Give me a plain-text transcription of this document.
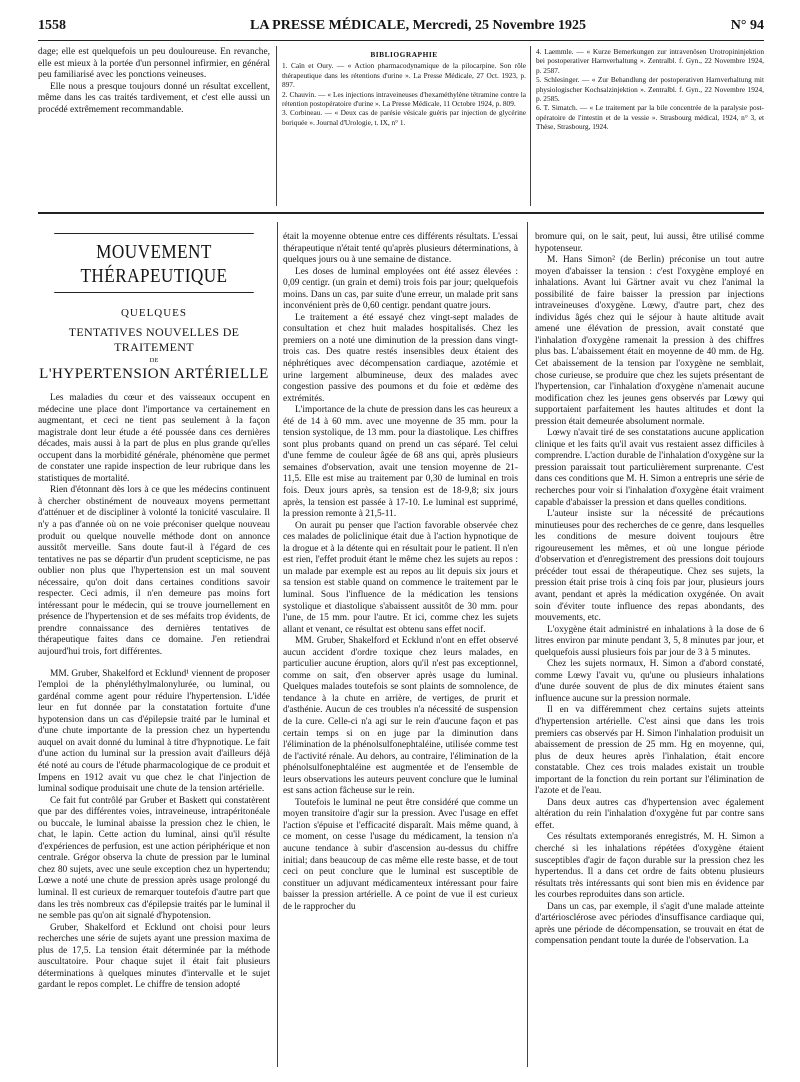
1558	LA PRESSE MÉDICALE, Mercredi, 25 Novembre 1925	N° 94

dage; elle est quelquefois un peu douloureuse. En revanche, elle est mieux à la portée d'un personnel infirmier, en général peu familiarisé avec les ponctions veineuses.

Elle nous a presque toujours donné un résultat excellent, même dans les cas traités tardivement, et c'est elle aussi un procédé extrêmement recommandable.

BIBLIOGRAPHIE

1. Caïn et Oury. — « Action pharmacodynamique de la pilocarpine. Son rôle thérapeutique dans les rétentions d'urine ». La Presse Médicale, 27 Oct. 1923, p. 897.

2. Chauvin. — « Les injections intraveineuses d'hexaméthylène tétramine contre la rétention postopératoire d'urine ». La Presse Médicale, 11 Octobre 1924, p. 809.

3. Corbineau. — « Deux cas de parésie vésicale guéris par injection de glycérine boriquée ». Journal d'Urologie, t. IX, n° 1.

4. Laemmle. — « Kurze Bemerkungen zur intravenösen Urotropininjektion bei postoperativer Harnverhaltung ». Zentralbl. f. Gyn., 22 Novembre 1924, p. 2587.

5. Schlesinger. — « Zur Behandlung der postoperativen Harnverhaltung mit physiologischer Kochsalzinjektion ». Zentralbl. f. Gyn., 22 Novembre 1924, p. 2585.

6. T. Simatch. — « Le traitement par la bile concentrée de la paralysie post-opératoire de l'intestin et de la vessie ». Strasbourg médical, 1924, n° 3, et Thèse, Strasbourg, 1924.

MOUVEMENT THÉRAPEUTIQUE
QUELQUES
TENTATIVES NOUVELLES DE TRAITEMENT
DE
L'HYPERTENSION ARTÉRIELLE

Les maladies du cœur et des vaisseaux occupent en médecine une place dont l'importance va certainement en augmentant, et ceci ne tient pas seulement à la façon magistrale dont leur étude a été poussée dans ces dernières décades, mais aussi à la part de plus en plus grande qu'elles occupent dans la morbidité générale, phénomène que permet de constater une rapide inspection de leur rubrique dans les statistiques de mortalité.

Rien d'étonnant dès lors à ce que les médecins continuent à chercher obstinément de nouveaux moyens permettant d'atténuer et de discipliner à volonté la tonicité vasculaire. Il n'y a pas d'année où on ne voie préconiser quelque nouveau produit ou quelque nouvelle méthode dont on annonce aussitôt merveille. Sans doute faut-il à l'égard de ces tentatives ne pas se départir d'un prudent scepticisme, ne pas oublier non plus que l'hypertension est un mal souvent nécessaire, qu'on doit dans certaines conditions savoir respecter. Ceci admis, il n'en demeure pas moins fort intéressant pour le médecin, qui se trouve journellement en présence de l'hypertension et de ses méfaits trop évidents, de prendre connaissance des dernières tentatives de thérapeutique faites dans ce domaine. J'en retiendrai aujourd'hui trois, fort différentes.

MM. Gruber, Shakelford et Ecklund¹ viennent de proposer l'emploi de la phényléthylmalonylurée, ou luminal, ou gardénal comme agent pour réduire l'hypertension. L'idée leur en fut donnée par la constatation fortuite d'une hypotension dans un cas d'épilepsie traité par le luminal et d'une chute importante de la pression chez un hypertendu auquel on avait donné du luminal à titre d'hypnotique. Le fait d'une action du luminal sur la pression avait d'ailleurs déjà été noté au cours de l'étude pharmacologique de ce produit et Impens en 1912 avait vu que chez le chat l'injection de luminal sodique produisait une chute de la tension artérielle.

Ce fait fut contrôlé par Gruber et Baskett qui constatèrent que par des différentes voies, intraveineuse, intrapéritonéale ou buccale, le luminal abaisse la pression chez le chien, le chat, le lapin. Cette action du luminal, ainsi qu'il résulte d'expériences de perfusion, est une action périphérique et non centrale. Grégor observa la chute de pression par le luminal chez 80 sujets, avec une seule exception chez un hypertendu; Lœwe a noté une chute de pression après usage prolongé du luminal. Il est curieux de remarquer toutefois d'autre part que dans les très nombreux cas d'épilepsie traités par le luminal il ne semble pas qu'on ait signalé d'hypotension.

Gruber, Shakelford et Ecklund ont choisi pour leurs recherches une série de sujets ayant une pression maxima de plus de 17,5. La tension était déterminée par la méthode auscultatoire. Pour chaque sujet il était fait plusieurs déterminations à quelques minutes d'intervalle et le sujet gardant le repos complet. Le chiffre de tension adopté

était la moyenne obtenue entre ces différents résultats. L'essai thérapeutique n'était tenté qu'après plusieurs déterminations, à quelques jours ou à une semaine de distance.

Les doses de luminal employées ont été assez élevées : 0,09 centigr. (un grain et demi) trois fois par jour; quelquefois moins. Dans un cas, par suite d'une erreur, un malade prit sans inconvénient près de 0,60 centigr. pendant quatre jours.

Le traitement a été essayé chez vingt-sept malades de consultation et chez huit malades hospitalisés. Chez les premiers on a noté une diminution de la pression dans vingt-trois cas. Des quatre restés insensibles deux étaient des néphrétiques avec décompensation cardiaque, azotémie et urine largement albumineuse, deux des malades avec congestion passive des poumons et du foie et œdème des extrémités.

L'importance de la chute de pression dans les cas heureux a été de 14 à 60 mm. avec une moyenne de 35 mm. pour la tension systolique, de 13 mm. pour la diastolique. Les chiffres sont plus probants quand on prend un cas séparé. Tel celui d'une femme de couleur âgée de 68 ans qui, après plusieurs semaines d'observation, avait une tension moyenne de 21-11,5. Elle est mise au traitement par 0,30 de luminal en trois fois. Deux jours après, sa tension est de 18-9,8; six jours après, la tension est passée à 17-10. Le luminal est supprimé, la pression remonte à 21,5-11.

On aurait pu penser que l'action favorable observée chez ces malades de policlinique était due à l'action hypnotique de la drogue et à la détente qui en résultait pour le patient. Il n'en est rien, l'effet produit étant le même chez les sujets au repos : un malade par exemple est au repos au lit depuis six jours et sa tension est stable quand on commence le traitement par le luminal. Sous l'influence de la médication les tensions systolique et diastolique s'abaissent aussitôt de 30 mm. pour l'une, de 15 mm. pour l'autre. Et ici, comme chez les sujets allant et venant, ce résultat est obtenu sans effet nocif.

MM. Gruber, Shakelford et Ecklund n'ont en effet observé aucun accident d'ordre toxique chez leurs malades, en particulier aucune éruption, alors qu'il n'est pas exceptionnel, comme on sait, d'en observer après usage du luminal. Quelques malades toutefois se sont plaints de somnolence, de tendance à la chute en arrière, de vertiges, de prurit et d'asthénie. Aucun de ces troubles n'a nécessité de suspension de la cure. Celle-ci n'a agi sur le rein d'aucune façon et pas certain temps si on en juge par la diminution dans l'élimination de la phénolsulfonephtaléine, utilisée comme test de l'activité rénale. Au dehors, au contraire, l'élimination de la phénolsulfonephtaléine est augmentée et de l'ensemble de leurs observations les auteurs peuvent conclure que le luminal est sans action fâcheuse sur le rein.

Toutefois le luminal ne peut être considéré que comme un moyen transitoire d'agir sur la pression. Avec l'usage en effet l'action s'épuise et l'efficacité disparaît. Mais même quand, à ce moment, on cesse l'usage du médicament, la tension n'a aucune tendance à subir d'ascension au-dessus du chiffre initial; dans beaucoup de cas même elle reste basse, et de tout ceci on peut conclure que le luminal est susceptible de constituer un adjuvant médicamenteux intéressant pour faire baisser la pression artérielle. A ce point de vue il est curieux de le rapprocher du

bromure qui, on le sait, peut, lui aussi, être utilisé comme hypotenseur.

M. Hans Simon² (de Berlin) préconise un tout autre moyen d'abaisser la tension : c'est l'oxygène employé en inhalations. Avant lui Gärtner avait vu chez l'animal la possibilité de faire baisser la pression par injections intraveineuses d'oxygène. Lœwy, d'autre part, chez des individus âgés chez qui le séjour à haute altitude avait amené une élévation de pression, avait constaté que l'inhalation d'oxygène ramenait la pression à des chiffres plus bas. L'abaissement était en moyenne de 40 mm. de Hg. Cet abaissement de la tension par l'oxygène ne semblait, chose curieuse, se produire que chez les sujets présentant de l'hypertension, car l'inhalation d'oxygène n'amenait aucune modification chez les jeunes gens observés par Lœwy qui supportaient parfaitement les hautes altitudes et dont la pression était demeurée absolument normale.

Lœwy n'avait tiré de ses constatations aucune application clinique et les faits qu'il avait vus restaient assez difficiles à comprendre. L'action durable de l'inhalation d'oxygène sur la pression paraissait tout particulièrement surprenante. C'est dans ces conditions que M. H. Simon a entrepris une série de recherches pour voir si l'inhalation d'oxygène était vraiment capable d'abaisser la pression et dans quelles conditions.

L'auteur insiste sur la nécessité de précautions minutieuses pour des recherches de ce genre, dans lesquelles les conditions de mesure doivent toujours être rigoureusement les mêmes, et où une longue période d'observation et d'enregistrement des pressions doit toujours précéder tout essai de thérapeutique. Chez ses sujets, la pression était prise trois à cinq fois par jour, plusieurs jours avant, pendant et après la médication oxygénée. On avait soin d'éviter toute influence des repas abondants, des mouvements, etc.

L'oxygène était administré en inhalations à la dose de 6 litres environ par minute pendant 3, 5, 8 minutes par jour, et quelquefois aussi plusieurs fois par jour de 3 à 5 minutes.

Chez les sujets normaux, H. Simon a d'abord constaté, comme Lœwy l'avait vu, qu'une ou plusieurs inhalations d'une durée souvent de plus de dix minutes étaient sans influence aucune sur la pression normale.

Il en va différemment chez certains sujets atteints d'hypertension artérielle. C'est ainsi que dans les trois premiers cas observés par H. Simon l'inhalation produisit un abaissement de pression de 25 mm. Hg en moyenne, qui, plus de deux heures après l'inhalation, était encore constatable. Chez ces trois malades existait un trouble important de la fonction du rein portant sur l'élimination de l'azote et de l'eau.

Dans deux autres cas d'hypertension avec également altération du rein l'inhalation d'oxygène fut par contre sans effet.

Ces résultats extemporanés enregistrés, M. H. Simon a cherché si les inhalations répétées d'oxygène étaient susceptibles d'agir de façon durable sur la pression chez les hypertendus. Il a dans cet ordre de faits obtenu plusieurs résultats très intéressants qui sont bien mis en évidence par les courbes reproduites dans son article.

Dans un cas, par exemple, il s'agit d'une malade atteinte d'artériosclérose avec périodes d'insuffisance cardiaque qui, après une période de décompensation, se trouvait en état de compensation pendant toute la durée de l'observation. La
